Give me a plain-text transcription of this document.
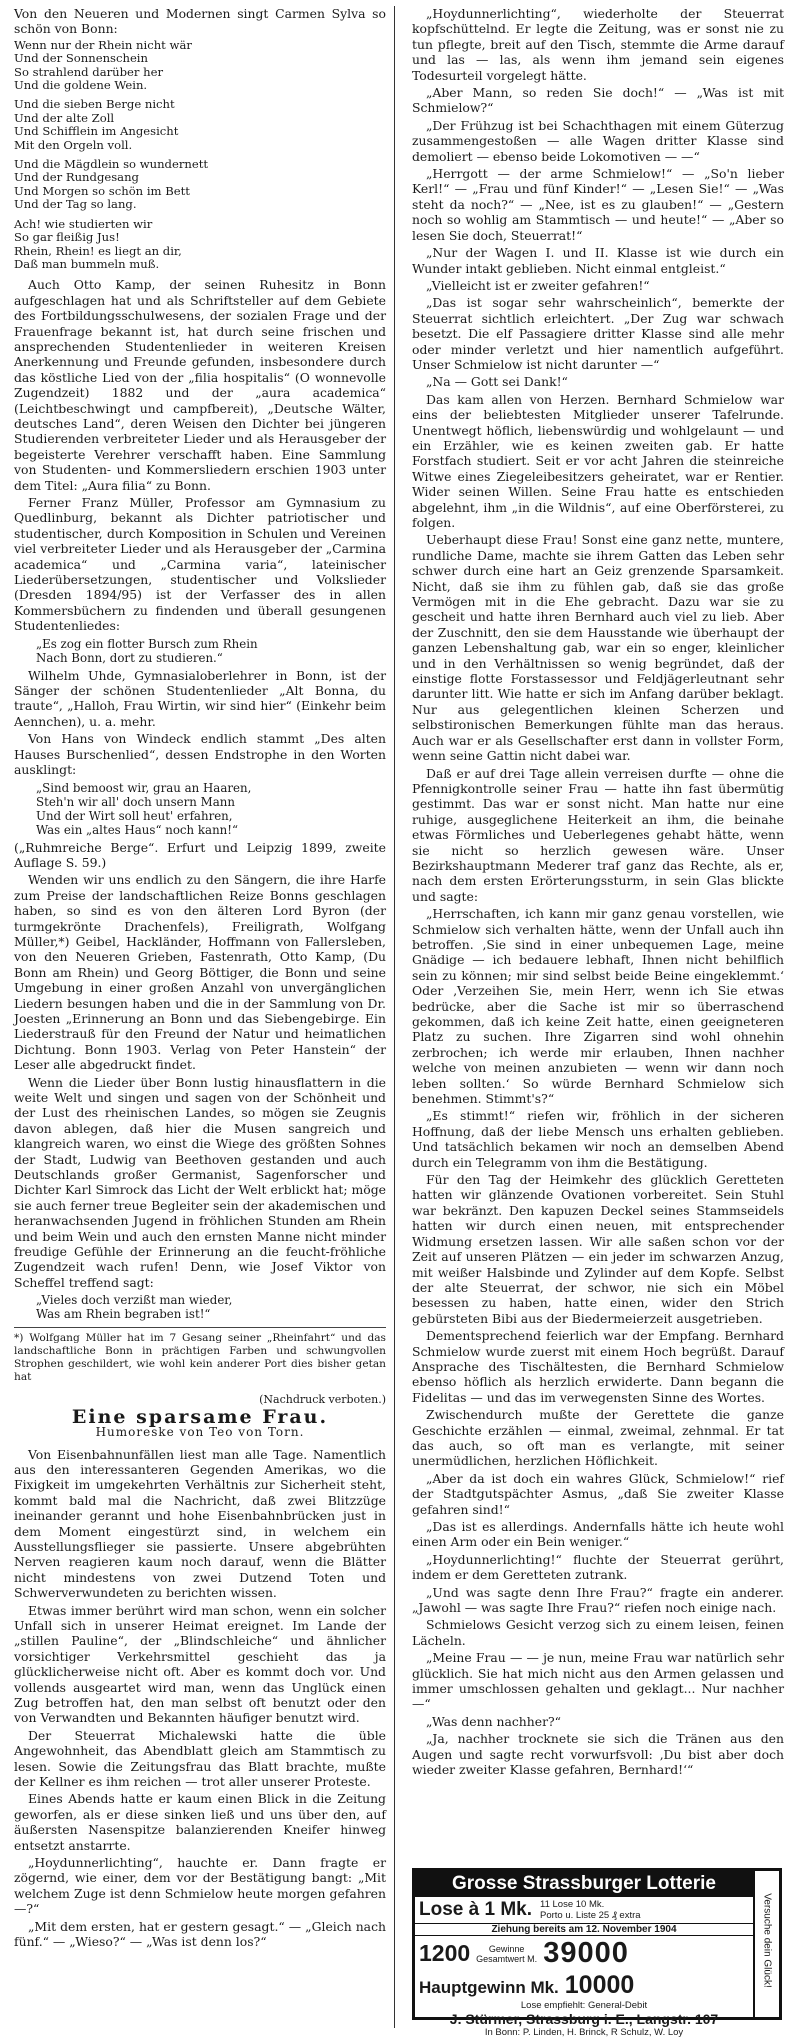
Von den Neueren und Modernen singt Carmen Sylva so schön von Bonn:

Wenn nur der Rhein nicht wär
Und der Sonnenschein
So strahlend darüber her
Und die goldene Wein.
Und die sieben Berge nicht
Und der alte Zoll
Und Schifflein im Angesicht
Mit den Orgeln voll.
Und die Mägdlein so wundernett
Und der Rundgesang
Und Morgen so schön im Bett
Und der Tag so lang.
Ach! wie studierten wir
So gar fleißig Jus!
Rhein, Rhein! es liegt an dir,
Daß man bummeln muß.

Auch Otto Kamp, der seinen Ruhesitz in Bonn aufgeschlagen hat und als Schriftsteller auf dem Gebiete des Fortbildungsschulwesens, der sozialen Frage und der Frauenfrage bekannt ist, hat durch seine frischen und ansprechenden Studentenlieder in weiteren Kreisen Anerkennung und Freunde gefunden, insbesondere durch das köstliche Lied von der „filia hospitalis“ (O wonnevolle Zugendzeit) 1882 und der „aura academica“ (Leichtbeschwingt und campfbereit), „Deutsche Wälter, deutsches Land“, deren Weisen den Dichter bei jüngeren Studierenden verbreiteter Lieder und als Herausgeber der begeisterte Verehrer verschafft haben. Eine Sammlung von Studenten- und Kommersliedern erschien 1903 unter dem Titel: „Aura filia“ zu Bonn.

Ferner Franz Müller, Professor am Gymnasium zu Quedlinburg, bekannt als Dichter patriotischer und studentischer, durch Komposition in Schulen und Vereinen viel verbreiteter Lieder und als Herausgeber der „Carmina academica“ und „Carmina varia“, lateinischer Liederübersetzungen, studentischer und Volkslieder (Dresden 1894/95) ist der Verfasser des in allen Kommersbüchern zu findenden und überall gesungenen Studentenliedes:

„Es zog ein flotter Bursch zum Rhein
Nach Bonn, dort zu studieren.“

Wilhelm Uhde, Gymnasialoberlehrer in Bonn, ist der Sänger der schönen Studentenlieder „Alt Bonna, du traute“, „Halloh, Frau Wirtin, wir sind hier“ (Einkehr beim Aennchen), u. a. mehr.

Von Hans von Windeck endlich stammt „Des alten Hauses Burschenlied“, dessen Endstrophe in den Worten ausklingt:

„Sind bemoost wir, grau an Haaren,
Steh'n wir all' doch unsern Mann
Und der Wirt soll heut' erfahren,
Was ein „altes Haus“ noch kann!“

(„Ruhmreiche Berge“. Erfurt und Leipzig 1899, zweite Auflage S. 59.)

Wenden wir uns endlich zu den Sängern, die ihre Harfe zum Preise der landschaftlichen Reize Bonns geschlagen haben, so sind es von den älteren Lord Byron (der turmgekrönte Drachenfels), Freiligrath, Wolfgang Müller,*) Geibel, Hackländer, Hoffmann von Fallersleben, von den Neueren Grieben, Fastenrath, Otto Kamp, (Du Bonn am Rhein) und Georg Böttiger, die Bonn und seine Umgebung in einer großen Anzahl von unvergänglichen Liedern besungen haben und die in der Sammlung von Dr. Joesten „Erinnerung an Bonn und das Siebengebirge. Ein Liederstrauß für den Freund der Natur und heimatlichen Dichtung. Bonn 1903. Verlag von Peter Hanstein“ der Leser alle abgedruckt findet.

Wenn die Lieder über Bonn lustig hinausflattern in die weite Welt und singen und sagen von der Schönheit und der Lust des rheinischen Landes, so mögen sie Zeugnis davon ablegen, daß hier die Musen sangreich und klangreich waren, wo einst die Wiege des größten Sohnes der Stadt, Ludwig van Beethoven gestanden und auch Deutschlands großer Germanist, Sagenforscher und Dichter Karl Simrock das Licht der Welt erblickt hat; möge sie auch ferner treue Begleiter sein der akademischen und heranwachsenden Jugend in fröhlichen Stunden am Rhein und beim Wein und auch den ernsten Manne nicht minder freudige Gefühle der Erinnerung an die feucht-fröhliche Zugendzeit wach rufen! Denn, wie Josef Viktor von Scheffel treffend sagt:

„Vieles doch verzißt man wieder,
Was am Rhein begraben ist!“
*) Wolfgang Müller hat im 7 Gesang seiner „Rheinfahrt“ und das landschaftliche Bonn in prächtigen Farben und schwungvollen Strophen geschildert, wie wohl kein anderer Port dies bisher getan hat
(Nachdruck verboten.)
Eine sparsame Frau.
Humoreske von Teo von Torn.

Von Eisenbahnunfällen liest man alle Tage. Namentlich aus den interessanteren Gegenden Amerikas, wo die Fixigkeit im umgekehrten Verhältnis zur Sicherheit steht, kommt bald mal die Nachricht, daß zwei Blitzzüge ineinander gerannt und hohe Eisenbahnbrücken just in dem Moment eingestürzt sind, in welchem ein Ausstellungsflieger sie passierte. Unsere abgebrühten Nerven reagieren kaum noch darauf, wenn die Blätter nicht mindestens von zwei Dutzend Toten und Schwerverwundeten zu berichten wissen.

Etwas immer berührt wird man schon, wenn ein solcher Unfall sich in unserer Heimat ereignet. Im Lande der „stillen Pauline“, der „Blindschleiche“ und ähnlicher vorsichtiger Verkehrsmittel geschieht das ja glücklicherweise nicht oft. Aber es kommt doch vor. Und vollends ausgeartet wird man, wenn das Unglück einen Zug betroffen hat, den man selbst oft benutzt oder den von Verwandten und Bekannten häufiger benutzt wird.

Der Steuerrat Michalewski hatte die üble Angewohnheit, das Abendblatt gleich am Stammtisch zu lesen. Sowie die Zeitungsfrau das Blatt brachte, mußte der Kellner es ihm reichen — trot aller unserer Proteste.

Eines Abends hatte er kaum einen Blick in die Zeitung geworfen, als er diese sinken ließ und uns über den, auf äußersten Nasenspitze balanzierenden Kneifer hinweg entsetzt anstarrte.

„Hoydunnerlichting“, hauchte er. Dann fragte er zögernd, wie einer, dem vor der Bestätigung bangt: „Mit welchem Zuge ist denn Schmielow heute morgen gefahren —?“

„Mit dem ersten, hat er gestern gesagt.“ — „Gleich nach fünf.“ — „Wieso?“ — „Was ist denn los?“

„Hoydunnerlichting“, wiederholte der Steuerrat kopfschüttelnd. Er legte die Zeitung, was er sonst nie zu tun pflegte, breit auf den Tisch, stemmte die Arme darauf und las — las, als wenn ihm jemand sein eigenes Todesurteil vorgelegt hätte.

„Aber Mann, so reden Sie doch!“ — „Was ist mit Schmielow?“

„Der Frühzug ist bei Schachthagen mit einem Güterzug zusammengestoßen — alle Wagen dritter Klasse sind demoliert — ebenso beide Lokomotiven — —“

„Herrgott — der arme Schmielow!“ — „So'n lieber Kerl!“ — „Frau und fünf Kinder!“ — „Lesen Sie!“ — „Was steht da noch?“ — „Nee, ist es zu glauben!“ — „Gestern noch so wohlig am Stammtisch — und heute!“ — „Aber so lesen Sie doch, Steuerrat!“

„Nur der Wagen I. und II. Klasse ist wie durch ein Wunder intakt geblieben. Nicht einmal entgleist.“

„Vielleicht ist er zweiter gefahren!“

„Das ist sogar sehr wahrscheinlich“, bemerkte der Steuerrat sichtlich erleichtert. „Der Zug war schwach besetzt. Die elf Passagiere dritter Klasse sind alle mehr oder minder verletzt und hier namentlich aufgeführt. Unser Schmielow ist nicht darunter —“

„Na — Gott sei Dank!“

Das kam allen von Herzen. Bernhard Schmielow war eins der beliebtesten Mitglieder unserer Tafelrunde. Unentwegt höflich, liebenswürdig und wohlgelaunt — und ein Erzähler, wie es keinen zweiten gab. Er hatte Forstfach studiert. Seit er vor acht Jahren die steinreiche Witwe eines Ziegeleibesitzers geheiratet, war er Rentier. Wider seinen Willen. Seine Frau hatte es entschieden abgelehnt, ihm „in die Wildnis“, auf eine Oberförsterei, zu folgen.

Ueberhaupt diese Frau! Sonst eine ganz nette, muntere, rundliche Dame, machte sie ihrem Gatten das Leben sehr schwer durch eine hart an Geiz grenzende Sparsamkeit. Nicht, daß sie ihm zu fühlen gab, daß sie das große Vermögen mit in die Ehe gebracht. Dazu war sie zu gescheit und hatte ihren Bernhard auch viel zu lieb. Aber der Zuschnitt, den sie dem Hausstande wie überhaupt der ganzen Lebenshaltung gab, war ein so enger, kleinlicher und in den Verhältnissen so wenig begründet, daß der einstige flotte Forstassessor und Feldjägerleutnant sehr darunter litt. Wie hatte er sich im Anfang darüber beklagt. Nur aus gelegentlichen kleinen Scherzen und selbstironischen Bemerkungen fühlte man das heraus. Auch war er als Gesellschafter erst dann in vollster Form, wenn seine Gattin nicht dabei war.

Daß er auf drei Tage allein verreisen durfte — ohne die Pfennigkontrolle seiner Frau — hatte ihn fast übermütig gestimmt. Das war er sonst nicht. Man hatte nur eine ruhige, ausgeglichene Heiterkeit an ihm, die beinahe etwas Förmliches und Ueberlegenes gehabt hätte, wenn sie nicht so herzlich gewesen wäre. Unser Bezirkshauptmann Mederer traf ganz das Rechte, als er, nach dem ersten Erörterungssturm, in sein Glas blickte und sagte:

„Herrschaften, ich kann mir ganz genau vorstellen, wie Schmielow sich verhalten hätte, wenn der Unfall auch ihn betroffen. ‚Sie sind in einer unbequemen Lage, meine Gnädige — ich bedauere lebhaft, Ihnen nicht behilflich sein zu können; mir sind selbst beide Beine eingeklemmt.‘ Oder ‚Verzeihen Sie, mein Herr, wenn ich Sie etwas bedrücke, aber die Sache ist mir so überraschend gekommen, daß ich keine Zeit hatte, einen geeigneteren Platz zu suchen. Ihre Zigarren sind wohl ohnehin zerbrochen; ich werde mir erlauben, Ihnen nachher welche von meinen anzubieten — wenn wir dann noch leben sollten.‘ So würde Bernhard Schmielow sich benehmen. Stimmt's?“

„Es stimmt!“ riefen wir, fröhlich in der sicheren Hoffnung, daß der liebe Mensch uns erhalten geblieben. Und tatsächlich bekamen wir noch an demselben Abend durch ein Telegramm von ihm die Bestätigung.

Für den Tag der Heimkehr des glücklich Geretteten hatten wir glänzende Ovationen vorbereitet. Sein Stuhl war bekränzt. Den kapuzen Deckel seines Stammseidels hatten wir durch einen neuen, mit entsprechender Widmung ersetzen lassen. Wir alle saßen schon vor der Zeit auf unseren Plätzen — ein jeder im schwarzen Anzug, mit weißer Halsbinde und Zylinder auf dem Kopfe. Selbst der alte Steuerrat, der schwor, nie sich ein Möbel besessen zu haben, hatte einen, wider den Strich gebürsteten Bibi aus der Biedermeierzeit ausgetrieben.

Dementsprechend feierlich war der Empfang. Bernhard Schmielow wurde zuerst mit einem Hoch begrüßt. Darauf Ansprache des Tischältesten, die Bernhard Schmielow ebenso höflich als herzlich erwiderte. Dann begann die Fidelitas — und das im verwegensten Sinne des Wortes.

Zwischendurch mußte der Gerettete die ganze Geschichte erzählen — einmal, zweimal, zehnmal. Er tat das auch, so oft man es verlangte, mit seiner unermüdlichen, herzlichen Höflichkeit.

„Aber da ist doch ein wahres Glück, Schmielow!“ rief der Stadtgutspächter Asmus, „daß Sie zweiter Klasse gefahren sind!“

„Das ist es allerdings. Andernfalls hätte ich heute wohl einen Arm oder ein Bein weniger.“

„Hoydunnerlichting!“ fluchte der Steuerrat gerührt, indem er dem Geretteten zutrank.

„Und was sagte denn Ihre Frau?“ fragte ein anderer. „Jawohl — was sagte Ihre Frau?“ riefen noch einige nach.

Schmielows Gesicht verzog sich zu einem leisen, feinen Lächeln.

„Meine Frau — — je nun, meine Frau war natürlich sehr glücklich. Sie hat mich nicht aus den Armen gelassen und immer umschlossen gehalten und geklagt... Nur nachher —“

„Was denn nachher?“

„Ja, nachher trocknete sie sich die Tränen aus den Augen und sagte recht vorwurfsvoll: ‚Du bist aber doch wieder zweiter Klasse gefahren, Bernhard!‘“

Grosse Strassburger Lotterie
Versuche dein Glück!
Lose à 1 Mk. 11 Lose 10 Mk.
Porto u. Liste 25 ₰ extra
Ziehung bereits am 12. November 1904
1200	Gewinne
Gesamtwert M. 39000
Hauptgewinn Mk. 10000
Lose empfiehlt: General-Debit
J. Stürmer, Strassburg i. E., Langstr. 107
In Bonn: P. Linden, H. Brinck, R Schulz, W. Loy
